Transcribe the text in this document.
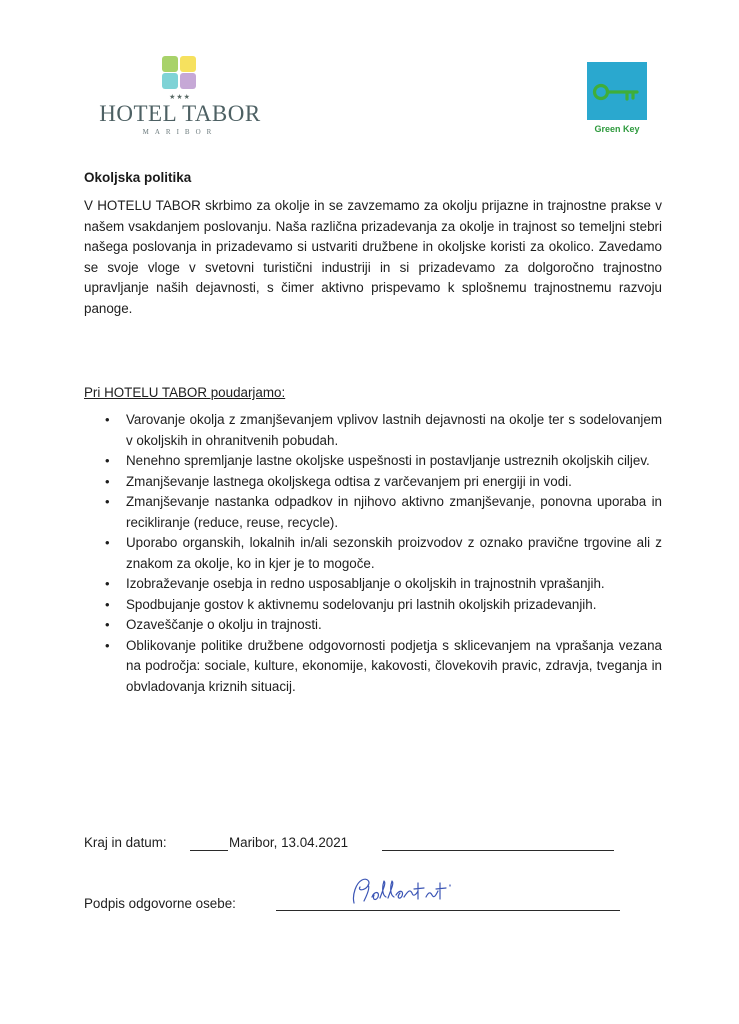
★★★
HOTEL TABOR
MARIBOR	Green Key
Okoljska politika

V HOTELU TABOR skrbimo za okolje in se zavzemamo za okolju prijazne in trajnostne prakse v našem vsakdanjem poslovanju. Naša različna prizadevanja za okolje in trajnost so temeljni stebri našega poslovanja in prizadevamo si ustvariti družbene in okoljske koristi za okolico. Zavedamo se svoje vloge v svetovni turistični industriji in si prizadevamo za dolgoročno trajnostno upravljanje naših dejavnosti, s čimer aktivno prispevamo k splošnemu trajnostnemu razvoju panoge.

Pri HOTELU TABOR poudarjamo:
• Varovanje okolja z zmanjševanjem vplivov lastnih dejavnosti na okolje ter s sodelovanjem v okoljskih in ohranitvenih pobudah.
• Nenehno spremljanje lastne okoljske uspešnosti in postavljanje ustreznih okoljskih ciljev.
• Zmanjševanje lastnega okoljskega odtisa z varčevanjem pri energiji in vodi.
• Zmanjševanje nastanka odpadkov in njihovo aktivno zmanjševanje, ponovna uporaba in recikliranje (reduce, reuse, recycle).
• Uporabo organskih, lokalnih in/ali sezonskih proizvodov z oznako pravične trgovine ali z znakom za okolje, ko in kjer je to mogoče.
• Izobraževanje osebja in redno usposabljanje o okoljskih in trajnostnih vprašanjih.
• Spodbujanje gostov k aktivnemu sodelovanju pri lastnih okoljskih prizadevanjih.
• Ozaveščanje o okolju in trajnosti.
• Oblikovanje politike družbene odgovornosti podjetja s sklicevanjem na vprašanja vezana na področja: sociale, kulture, ekonomije, kakovosti, človekovih pravic, zdravja, tveganja in obvladovanja kriznih situacij.
Kraj in datum:	Maribor, 13.04.2021
Podpis odgovorne osebe:
